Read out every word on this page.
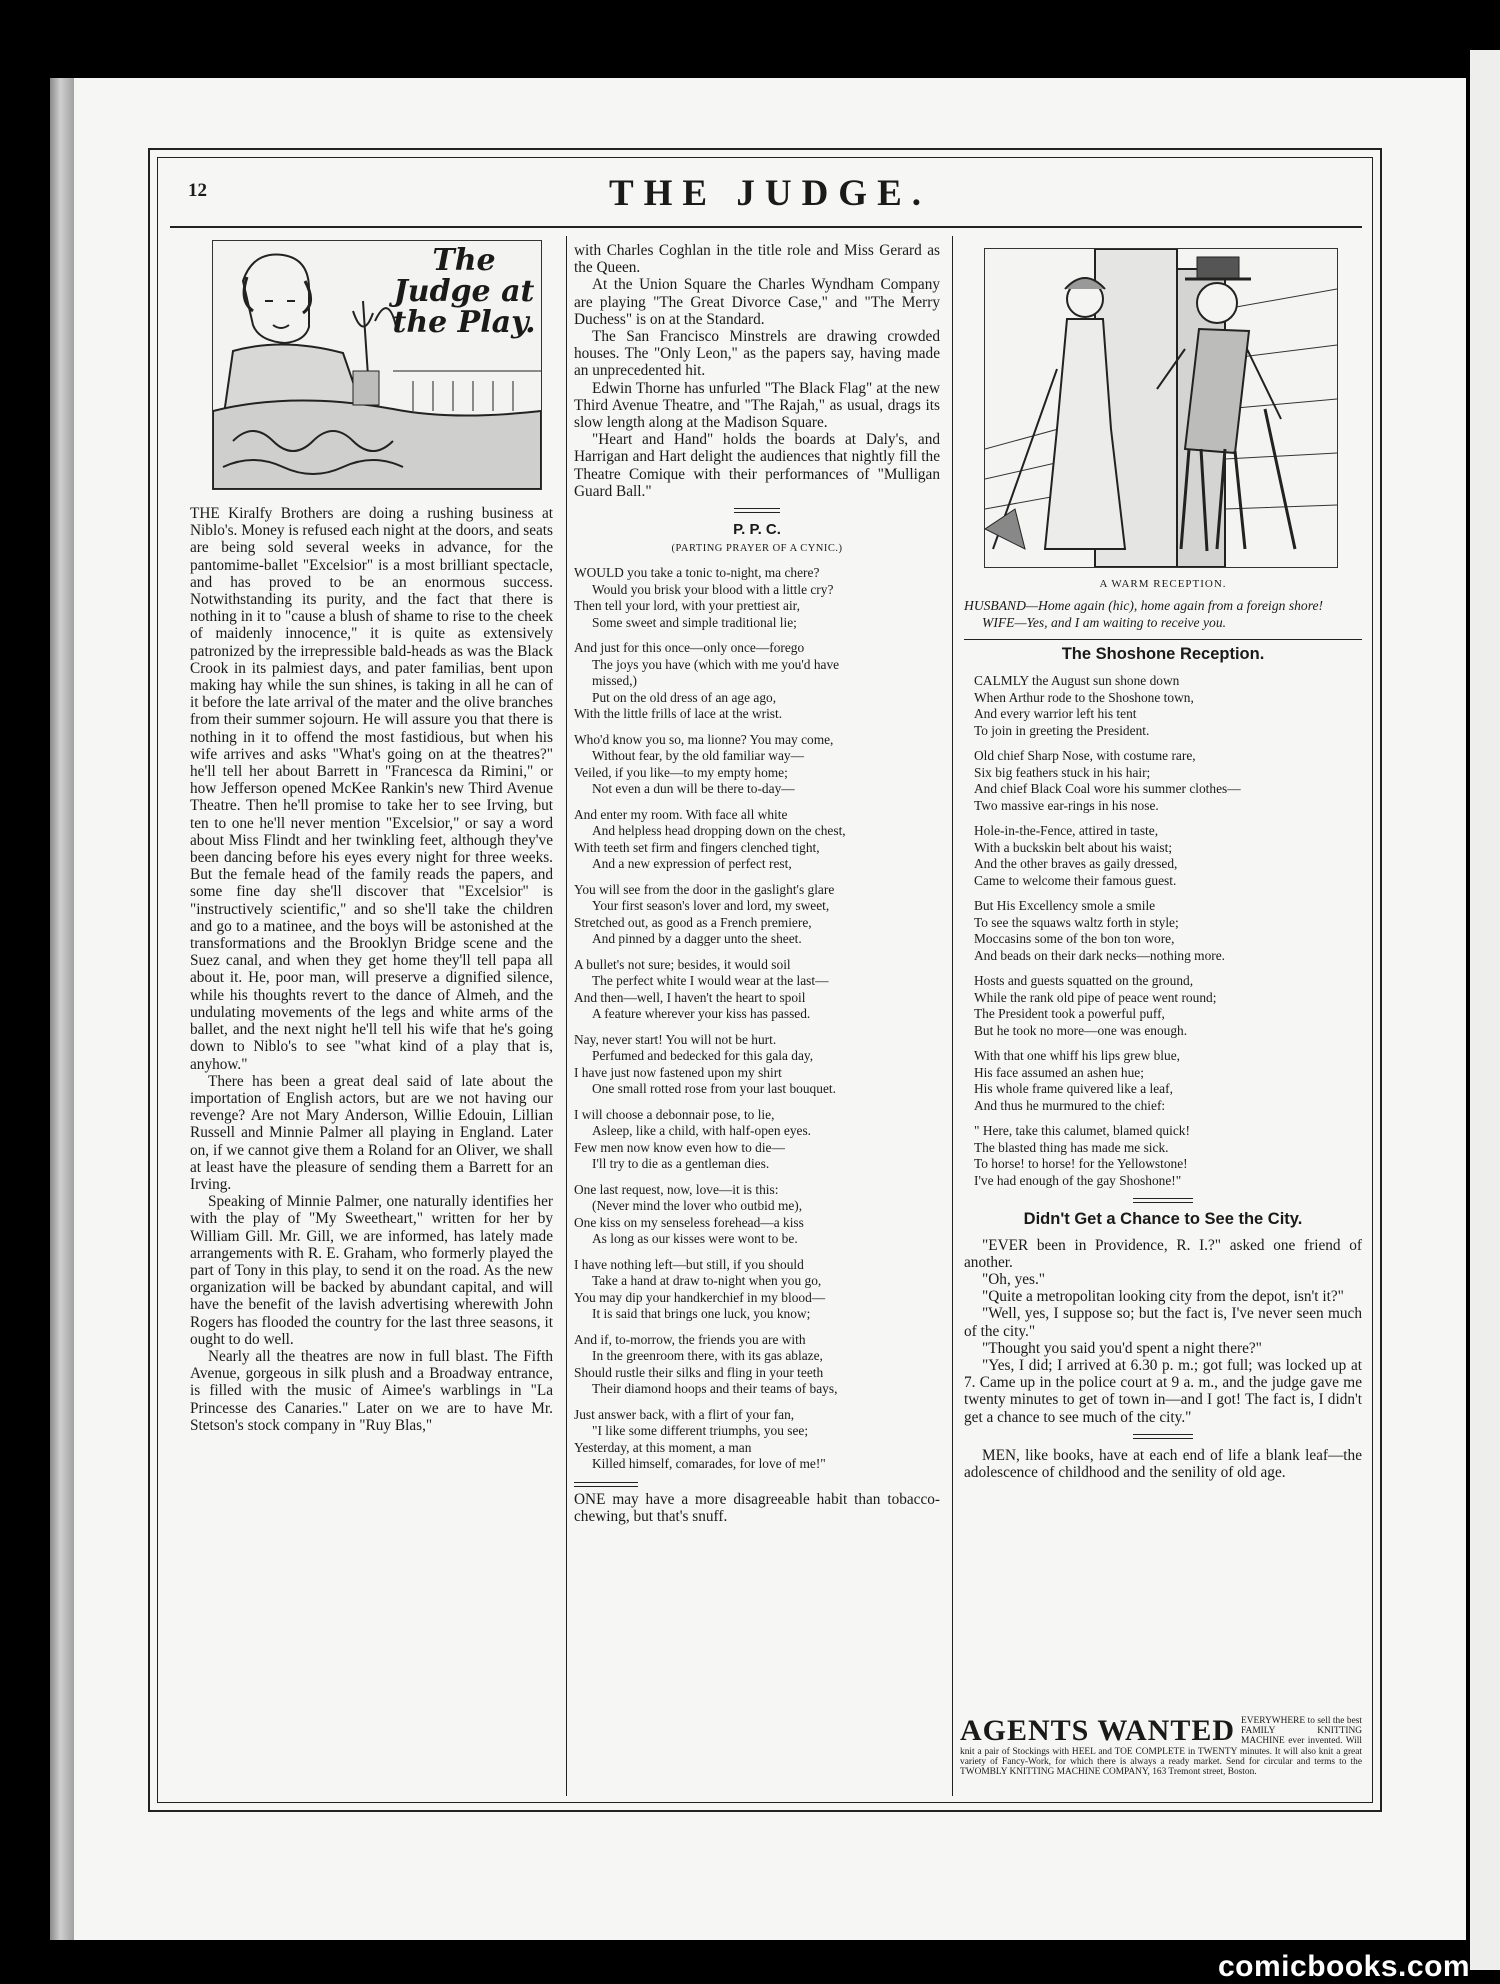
12	THE JUDGE.
The Judge at the Play.

THE Kiralfy Brothers are doing a rushing business at Niblo's. Money is refused each night at the doors, and seats are being sold several weeks in advance, for the pantomime-ballet "Excelsior" is a most brilliant spectacle, and has proved to be an enormous success. Notwithstanding its purity, and the fact that there is nothing in it to "cause a blush of shame to rise to the cheek of maidenly innocence," it is quite as extensively patronized by the irrepressible bald-heads as was the Black Crook in its palmiest days, and pater familias, bent upon making hay while the sun shines, is taking in all he can of it before the late arrival of the mater and the olive branches from their summer sojourn. He will assure you that there is nothing in it to offend the most fastidious, but when his wife arrives and asks "What's going on at the theatres?" he'll tell her about Barrett in "Francesca da Rimini," or how Jefferson opened McKee Rankin's new Third Avenue Theatre. Then he'll promise to take her to see Irving, but ten to one he'll never mention "Excelsior," or say a word about Miss Flindt and her twinkling feet, although they've been dancing before his eyes every night for three weeks. But the female head of the family reads the papers, and some fine day she'll discover that "Excelsior" is "instructively scientific," and so she'll take the children and go to a matinee, and the boys will be astonished at the transformations and the Brooklyn Bridge scene and the Suez canal, and when they get home they'll tell papa all about it. He, poor man, will preserve a dignified silence, while his thoughts revert to the dance of Almeh, and the undulating movements of the legs and white arms of the ballet, and the next night he'll tell his wife that he's going down to Niblo's to see "what kind of a play that is, anyhow."

There has been a great deal said of late about the importation of English actors, but are we not having our revenge? Are not Mary Anderson, Willie Edouin, Lillian Russell and Minnie Palmer all playing in England. Later on, if we cannot give them a Roland for an Oliver, we shall at least have the pleasure of sending them a Barrett for an Irving.

Speaking of Minnie Palmer, one naturally identifies her with the play of "My Sweetheart," written for her by William Gill. Mr. Gill, we are informed, has lately made arrangements with R. E. Graham, who formerly played the part of Tony in this play, to send it on the road. As the new organization will be backed by abundant capital, and will have the benefit of the lavish advertising wherewith John Rogers has flooded the country for the last three seasons, it ought to do well.

Nearly all the theatres are now in full blast. The Fifth Avenue, gorgeous in silk plush and a Broadway entrance, is filled with the music of Aimee's warblings in "La Princesse des Canaries." Later on we are to have Mr. Stetson's stock company in "Ruy Blas,"

with Charles Coghlan in the title role and Miss Gerard as the Queen.

At the Union Square the Charles Wyndham Company are playing "The Great Divorce Case," and "The Merry Duchess" is on at the Standard.

The San Francisco Minstrels are drawing crowded houses. The "Only Leon," as the papers say, having made an unprecedented hit.

Edwin Thorne has unfurled "The Black Flag" at the new Third Avenue Theatre, and "The Rajah," as usual, drags its slow length along at the Madison Square.

"Heart and Hand" holds the boards at Daly's, and Harrigan and Hart delight the audiences that nightly fill the Theatre Comique with their performances of "Mulligan Guard Ball."

P. P. C.
(PARTING PRAYER OF A CYNIC.)
WOULD you take a tonic to-night, ma chere?
Would you brisk your blood with a little cry?
Then tell your lord, with your prettiest air,
Some sweet and simple traditional lie;
And just for this once—only once—forego
The joys you have (which with me you'd have
missed,)
Put on the old dress of an age ago,
With the little frills of lace at the wrist.
Who'd know you so, ma lionne? You may come,
Without fear, by the old familiar way—
Veiled, if you like—to my empty home;
Not even a dun will be there to-day—
And enter my room. With face all white
And helpless head dropping down on the chest,
With teeth set firm and fingers clenched tight,
And a new expression of perfect rest,
You will see from the door in the gaslight's glare
Your first season's lover and lord, my sweet,
Stretched out, as good as a French premiere,
And pinned by a dagger unto the sheet.
A bullet's not sure; besides, it would soil
The perfect white I would wear at the last—
And then—well, I haven't the heart to spoil
A feature wherever your kiss has passed.
Nay, never start! You will not be hurt.
Perfumed and bedecked for this gala day,
I have just now fastened upon my shirt
One small rotted rose from your last bouquet.
I will choose a debonnair pose, to lie,
Asleep, like a child, with half-open eyes.
Few men now know even how to die—
I'll try to die as a gentleman dies.
One last request, now, love—it is this:
(Never mind the lover who outbid me),
One kiss on my senseless forehead—a kiss
As long as our kisses were wont to be.
I have nothing left—but still, if you should
Take a hand at draw to-night when you go,
You may dip your handkerchief in my blood—
It is said that brings one luck, you know;
And if, to-morrow, the friends you are with
In the greenroom there, with its gas ablaze,
Should rustle their silks and fling in your teeth
Their diamond hoops and their teams of bays,
Just answer back, with a flirt of your fan,
"I like some different triumphs, you see;
Yesterday, at this moment, a man
Killed himself, comarades, for love of me!"

ONE may have a more disagreeable habit than tobacco-chewing, but that's snuff.

A WARM RECEPTION.

HUSBAND—Home again (hic), home again from a foreign shore!

WIFE—Yes, and I am waiting to receive you.

The Shoshone Reception.
CALMLY the August sun shone down
When Arthur rode to the Shoshone town,
And every warrior left his tent
To join in greeting the President.
Old chief Sharp Nose, with costume rare,
Six big feathers stuck in his hair;
And chief Black Coal wore his summer clothes—
Two massive ear-rings in his nose.
Hole-in-the-Fence, attired in taste,
With a buckskin belt about his waist;
And the other braves as gaily dressed,
Came to welcome their famous guest.
But His Excellency smole a smile
To see the squaws waltz forth in style;
Moccasins some of the bon ton wore,
And beads on their dark necks—nothing more.
Hosts and guests squatted on the ground,
While the rank old pipe of peace went round;
The President took a powerful puff,
But he took no more—one was enough.
With that one whiff his lips grew blue,
His face assumed an ashen hue;
His whole frame quivered like a leaf,
And thus he murmured to the chief:
" Here, take this calumet, blamed quick!
The blasted thing has made me sick.
To horse! to horse! for the Yellowstone!
I've had enough of the gay Shoshone!"
Didn't Get a Chance to See the City.

"EVER been in Providence, R. I.?" asked one friend of another.

"Oh, yes."

"Quite a metropolitan looking city from the depot, isn't it?"

"Well, yes, I suppose so; but the fact is, I've never seen much of the city."

"Thought you said you'd spent a night there?"

"Yes, I did; I arrived at 6.30 p. m.; got full; was locked up at 7. Came up in the police court at 9 a. m., and the judge gave me twenty minutes to get of town in—and I got! The fact is, I didn't get a chance to see much of the city."

MEN, like books, have at each end of life a blank leaf—the adolescence of childhood and the senility of old age.

AGENTS WANTED EVERYWHERE to sell the best FAMILY KNITTING MACHINE ever invented. Will knit a pair of Stockings with HEEL and TOE COMPLETE in TWENTY minutes. It will also knit a great variety of Fancy-Work, for which there is always a ready market. Send for circular and terms to the TWOMBLY KNITTING MACHINE COMPANY, 163 Tremont street, Boston.
comicbooks.com
